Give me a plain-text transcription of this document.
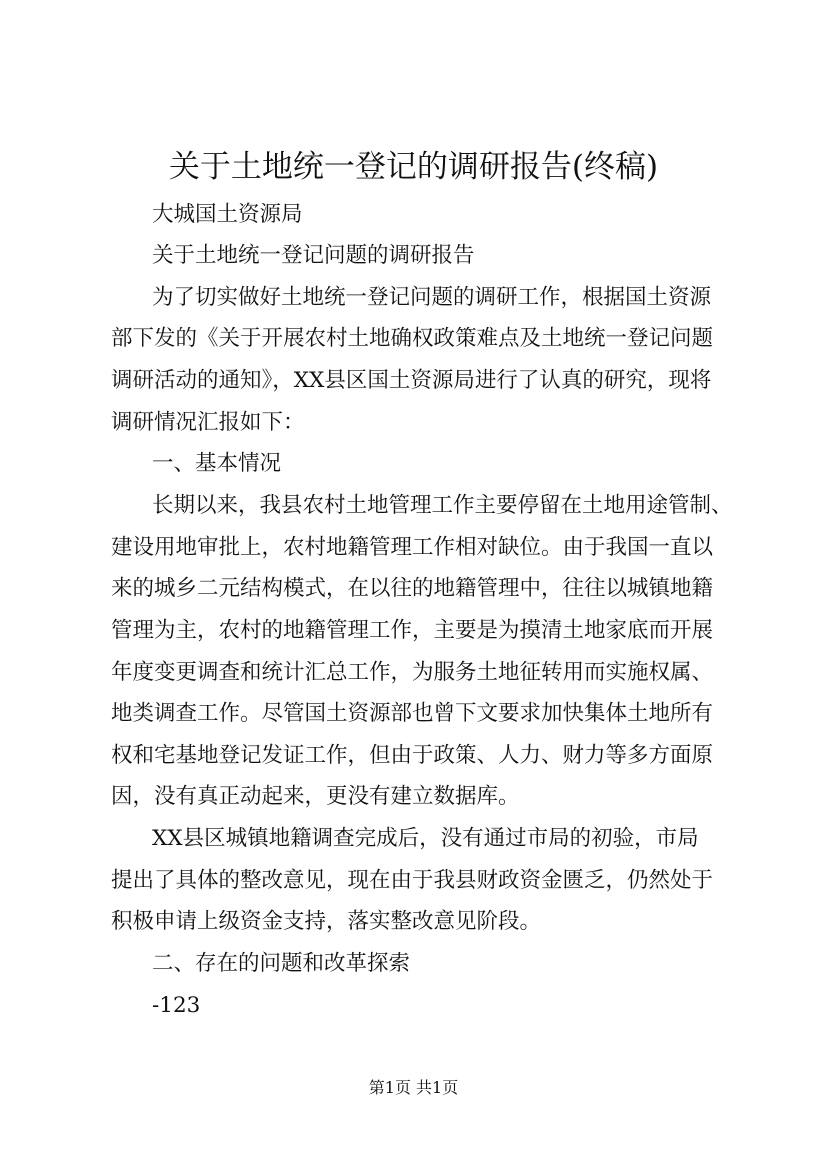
关于土地统一登记的调研报告(终稿)
大城国土资源局
关于土地统一登记问题的调研报告
为了切实做好土地统一登记问题的调研工作，根据国土资源
部下发的《关于开展农村土地确权政策难点及土地统一登记问题
调研活动的通知》，XX县区国土资源局进行了认真的研究，现将
调研情况汇报如下：
一、基本情况
长期以来，我县农村土地管理工作主要停留在土地用途管制、
建设用地审批上，农村地籍管理工作相对缺位。由于我国一直以
来的城乡二元结构模式，在以往的地籍管理中，往往以城镇地籍
管理为主，农村的地籍管理工作，主要是为摸清土地家底而开展
年度变更调查和统计汇总工作，为服务土地征转用而实施权属、
地类调查工作。尽管国土资源部也曾下文要求加快集体土地所有
权和宅基地登记发证工作，但由于政策、人力、财力等多方面原
因，没有真正动起来，更没有建立数据库。
XX县区城镇地籍调查完成后，没有通过市局的初验，市局
提出了具体的整改意见，现在由于我县财政资金匮乏，仍然处于
积极申请上级资金支持，落实整改意见阶段。
二、存在的问题和改革探索
-123
第1页 共1页
